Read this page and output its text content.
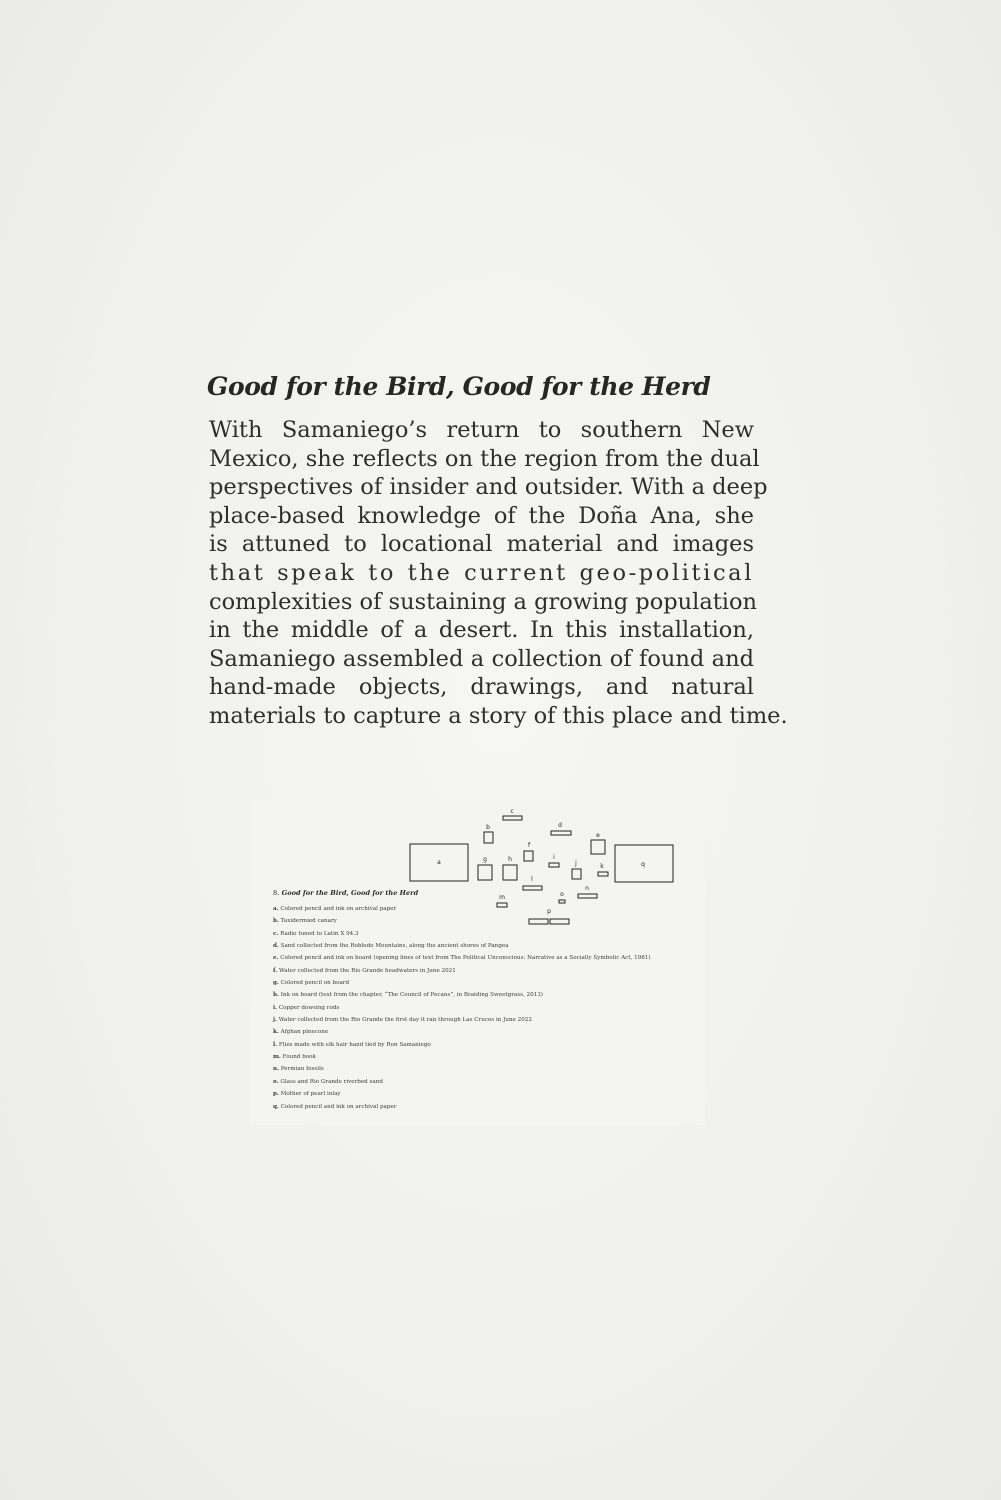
Good for the Bird, Good for the Herd
With Samaniego’s return to southern New
Mexico, she reflects on the region from the dual
perspectives of insider and outsider. With a deep
place-based knowledge of the Doña Ana, she
is attuned to locational material and images
that speak to the current geo-political
complexities of sustaining a growing population
in the middle of a desert. In this installation,
Samaniego assembled a collection of found and
hand-made objects, drawings, and natural
materials to capture a story of this place and time.
a
b
c
d
e
f
g	h	i
j	k
l
m
n
o
p
q
8. Good for the Bird, Good for the Herd
a. Colored pencil and ink on archival paper
b. Taxidermied canary
c. Radio tuned to Latin X 94.3
d. Sand collected from the Robledo Mountains, along the ancient shores of Pangea
e. Colored pencil and ink on board (opening lines of text from The Political Unconscious: Narrative as a Socially Symbolic Act, 1981)
f. Water collected from the Rio Grande headwaters in June 2021
g. Colored pencil on board
h. Ink on board (text from the chapter, “The Council of Pecans”, in Braiding Sweetgrass, 2013)
i. Copper dowsing rods
j. Water collected from the Rio Grande the first day it ran through Las Cruces in June 2022
k. Afghan pinecone
l. Flies made with elk hair hand tied by Ron Samaniego
m. Found book
n. Permian fossils
o. Glass and Rio Grande riverbed sand
p. Mother of pearl inlay
q. Colored pencil and ink on archival paper
